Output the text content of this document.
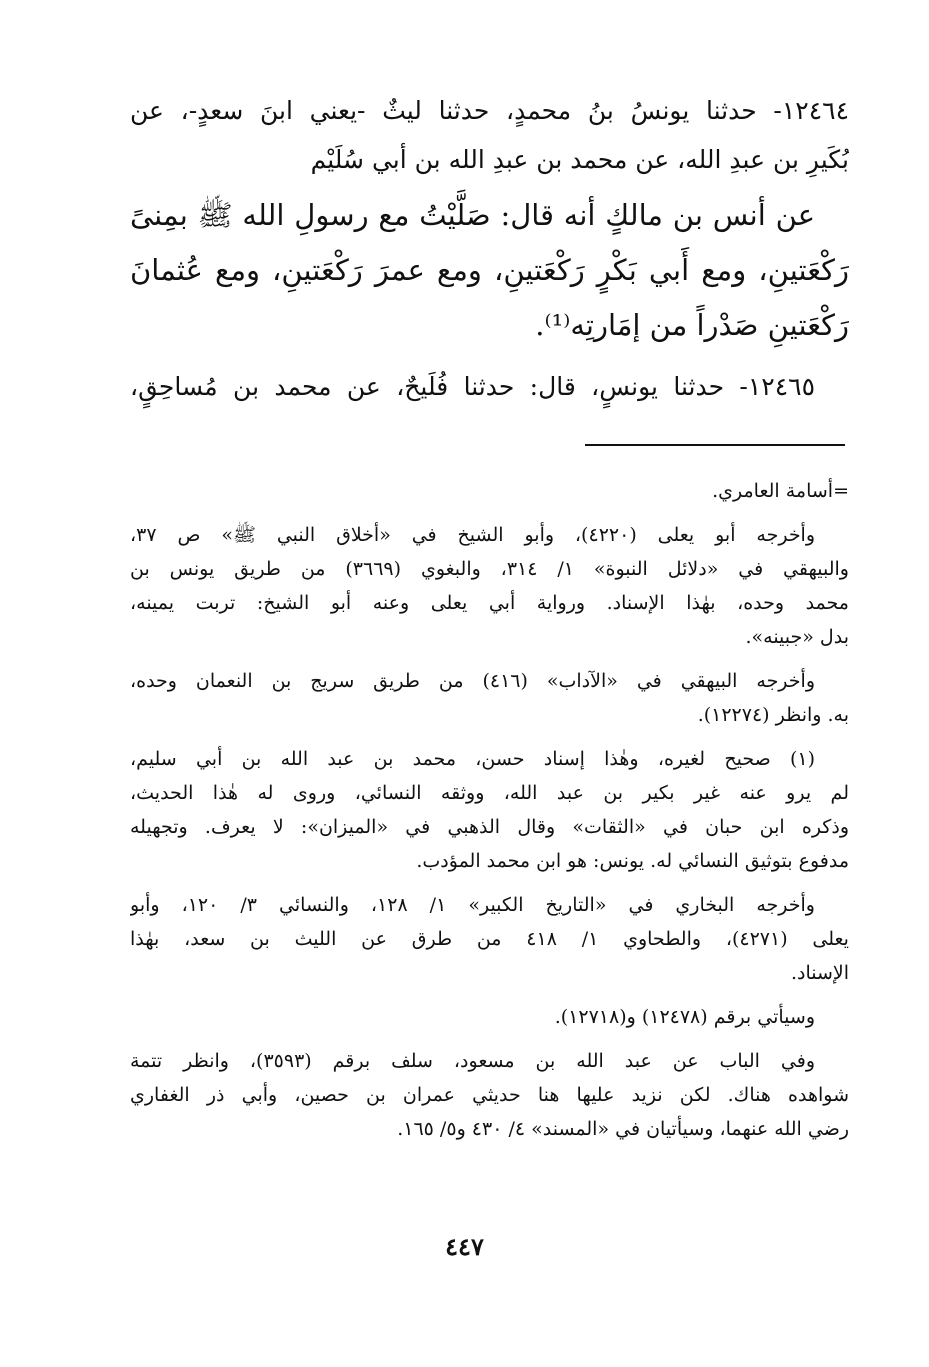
١٢٤٦٤- حدثنا يونسُ بنُ محمدٍ، حدثنا ليثٌ -يعني ابنَ سعدٍ-، عن
بُكَيرِ بن عبدِ الله، عن محمد بن عبدِ الله بن أبي سُلَيْم
عن أنس بن مالكٍ أنه قال: صَلَّيْتُ مع رسولِ الله ﷺ بمِنىً
رَكْعَتينِ، ومع أَبي بَكْرٍ رَكْعَتينِ، ومع عمرَ رَكْعَتينِ، ومع عُثمانَ
رَكْعَتينِ صَدْراً من إمَارتِه⁽¹⁾.
١٢٤٦٥- حدثنا يونسٍ، قال: حدثنا فُلَيحٌ، عن محمد بن مُساحِقٍ،
=أسامة العامري.
وأخرجه أبو يعلى (٤٢٢٠)، وأبو الشيخ في «أخلاق النبي ﷺ» ص ٣٧،
والبيهقي في «دلائل النبوة» ١/ ٣١٤، والبغوي (٣٦٦٩) من طريق يونس بن
محمد وحده، بهٰذا الإسناد. ورواية أبي يعلى وعنه أبو الشيخ: تربت يمينه،
بدل «جبينه».
وأخرجه البيهقي في «الآداب» (٤١٦) من طريق سريج بن النعمان وحده،
به. وانظر (١٢٢٧٤).
(١) صحيح لغيره، وهٰذا إسناد حسن، محمد بن عبد الله بن أبي سليم،
لم يرو عنه غير بكير بن عبد الله، ووثقه النسائي، وروى له هٰذا الحديث،
وذكره ابن حبان في «الثقات» وقال الذهبي في «الميزان»: لا يعرف. وتجهيله
مدفوع بتوثيق النسائي له. يونس: هو ابن محمد المؤدب.
وأخرجه البخاري في «التاريخ الكبير» ١/ ١٢٨، والنسائي ٣/ ١٢٠، وأبو
يعلى (٤٢٧١)، والطحاوي ١/ ٤١٨ من طرق عن الليث بن سعد، بهٰذا
الإسناد.
وسيأتي برقم (١٢٤٧٨) و(١٢٧١٨).
وفي الباب عن عبد الله بن مسعود، سلف برقم (٣٥٩٣)، وانظر تتمة
شواهده هناك. لكن نزيد عليها هنا حديثي عمران بن حصين، وأبي ذر الغفاري
رضي الله عنهما، وسيأتيان في «المسند» ٤/ ٤٣٠ و٥/ ١٦٥.
٤٤٧
